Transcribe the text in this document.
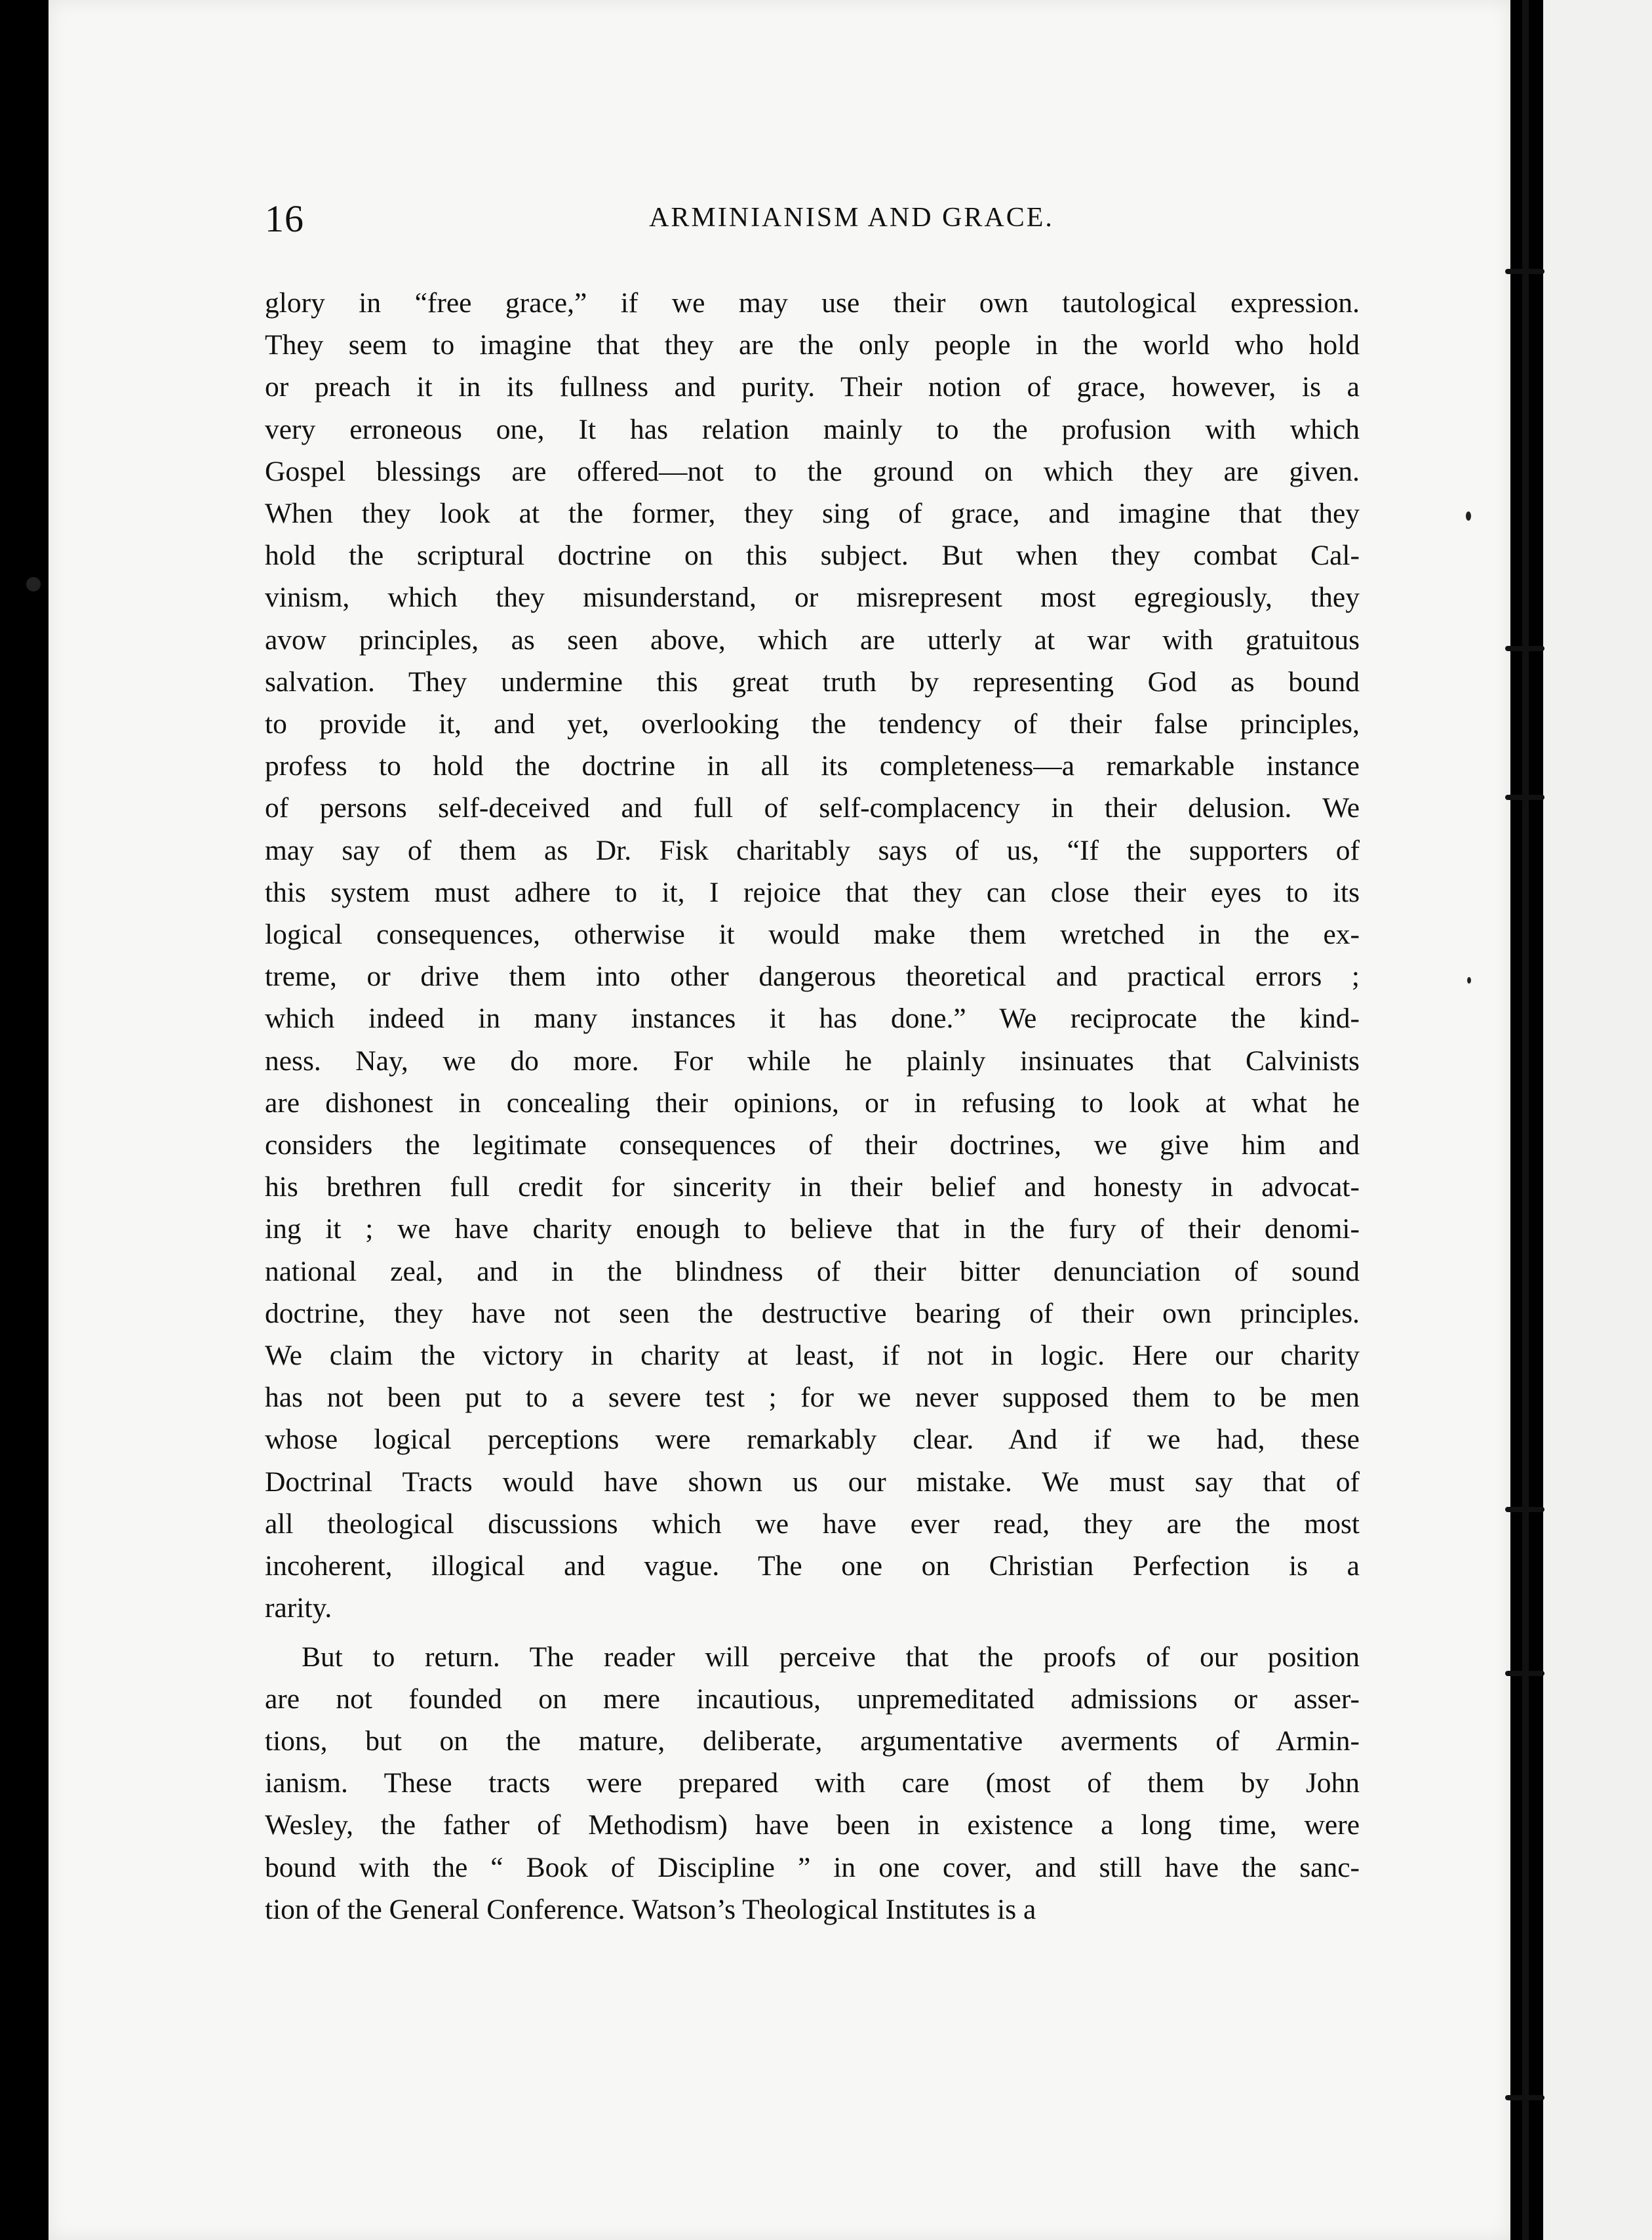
16	ARMINIANISM AND GRACE.
glory in “free grace,” if we may use their own tautological expression.
They seem to imagine that they are the only people in the world who hold
or preach it in its fullness and purity. Their notion of grace, however, is a
very erroneous one, It has relation mainly to the profusion with which
Gospel blessings are offered—not to the ground on which they are given.
When they look at the former, they sing of grace, and imagine that they
hold the scriptural doctrine on this subject. But when they combat Cal-
vinism, which they misunderstand, or misrepresent most egregiously, they
avow principles, as seen above, which are utterly at war with gratuitous
salvation. They undermine this great truth by representing God as bound
to provide it, and yet, overlooking the tendency of their false principles,
profess to hold the doctrine in all its completeness—a remarkable instance
of persons self-deceived and full of self-complacency in their delusion. We
may say of them as Dr. Fisk charitably says of us, “If the supporters of
this system must adhere to it, I rejoice that they can close their eyes to its
logical consequences, otherwise it would make them wretched in the ex-
treme, or drive them into other dangerous theoretical and practical errors ;
which indeed in many instances it has done.” We reciprocate the kind-
ness. Nay, we do more. For while he plainly insinuates that Calvinists
are dishonest in concealing their opinions, or in refusing to look at what he
considers the legitimate consequences of their doctrines, we give him and
his brethren full credit for sincerity in their belief and honesty in advocat-
ing it ; we have charity enough to believe that in the fury of their denomi-
national zeal, and in the blindness of their bitter denunciation of sound
doctrine, they have not seen the destructive bearing of their own principles.
We claim the victory in charity at least, if not in logic. Here our charity
has not been put to a severe test ; for we never supposed them to be men
whose logical perceptions were remarkably clear. And if we had, these
Doctrinal Tracts would have shown us our mistake. We must say that of
all theological discussions which we have ever read, they are the most
incoherent, illogical and vague. The one on Christian Perfection is a
rarity.
But to return. The reader will perceive that the proofs of our position
are not founded on mere incautious, unpremeditated admissions or asser-
tions, but on the mature, deliberate, argumentative averments of Armin-
ianism. These tracts were prepared with care (most of them by John
Wesley, the father of Methodism) have been in existence a long time, were
bound with the “ Book of Discipline ” in one cover, and still have the sanc-
tion of the General Conference. Watson’s Theological Institutes is a
